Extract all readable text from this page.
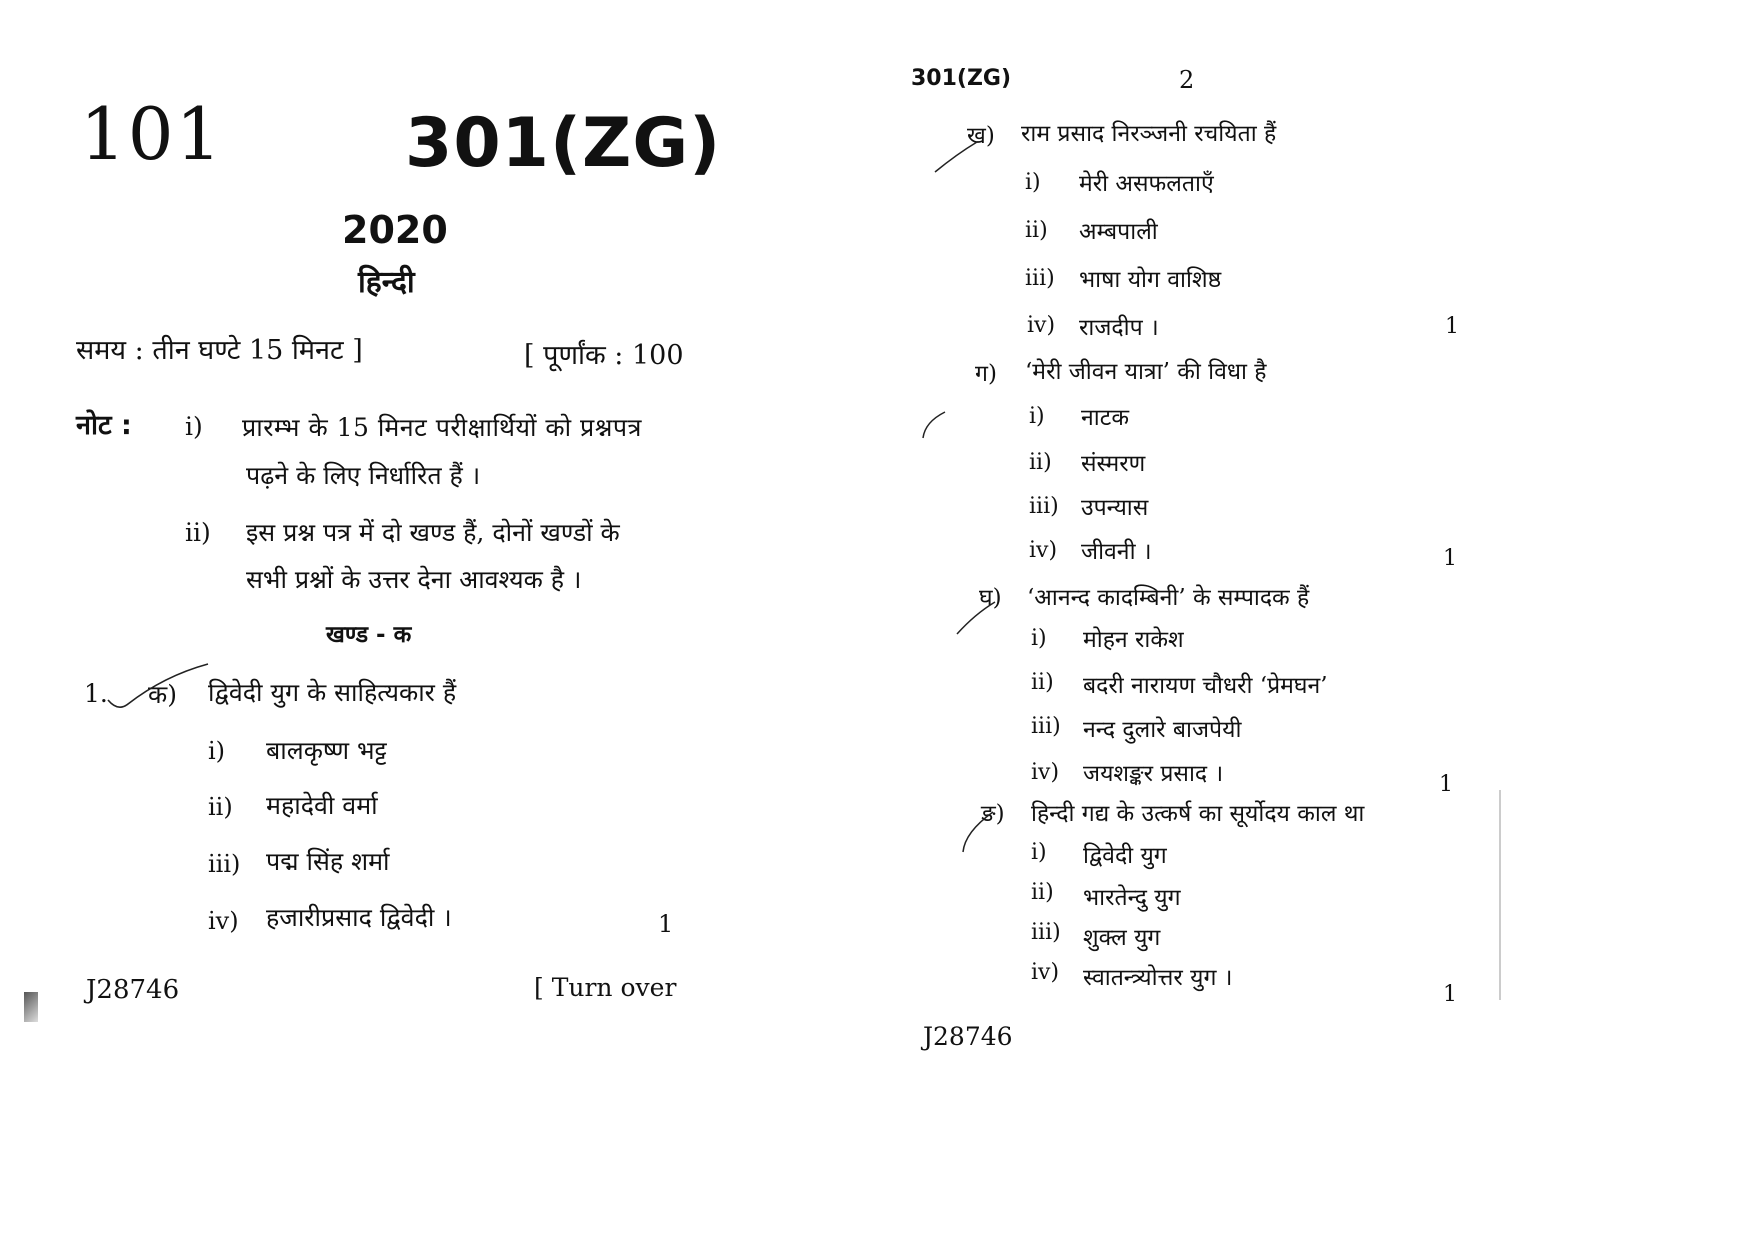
101	301(ZG)
2020
हिन्दी
समय : तीन घण्टे 15 मिनट ]	[ पूर्णांक : 100
नोट : i) प्रारम्भ के 15 मिनट परीक्षार्थियों को प्रश्नपत्र
पढ़ने के लिए निर्धारित हैं ।
ii) इस प्रश्न पत्र में दो खण्ड हैं, दोनों खण्डों के
सभी प्रश्नों के उत्तर देना आवश्यक है ।
खण्ड - क
1. क) द्विवेदी युग के साहित्यकार हैं
i) बालकृष्ण भट्ट
ii) महादेवी वर्मा
iii) पद्म सिंह शर्मा
iv) हजारीप्रसाद द्विवेदी ।	1
J28746	[ Turn over
301(ZG)	2
ख) राम प्रसाद निरञ्जनी रचयिता हैं
i) मेरी असफलताएँ
ii) अम्बपाली
iii) भाषा योग वाशिष्ठ
iv) राजदीप ।	1
ग) ‘मेरी जीवन यात्रा’ की विधा है
i) नाटक
ii) संस्मरण
iii) उपन्यास
iv) जीवनी ।	1
घ) ‘आनन्द कादम्बिनी’ के सम्पादक हैं
i) मोहन राकेश
ii) बदरी नारायण चौधरी ‘प्रेमघन’
iii) नन्द दुलारे बाजपेयी
iv) जयशङ्कर प्रसाद ।	1
ङ) हिन्दी गद्य के उत्कर्ष का सूर्योदय काल था
i) द्विवेदी युग
ii) भारतेन्दु युग
iii) शुक्ल युग
iv) स्वातन्त्र्योत्तर युग ।
1
J28746
